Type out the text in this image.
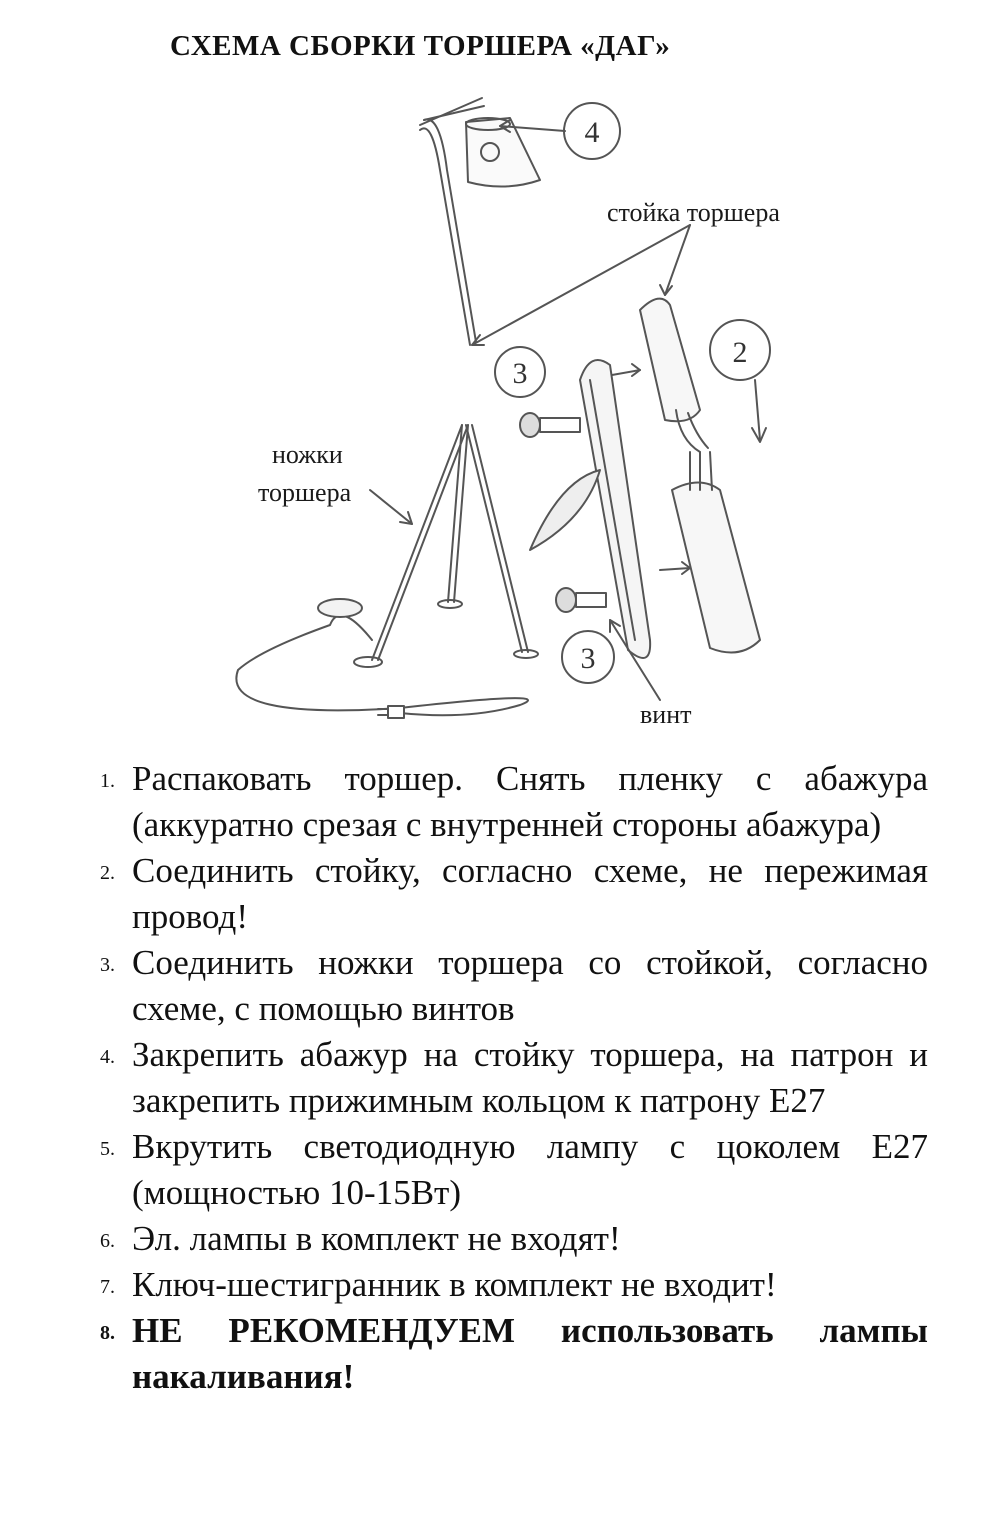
СХЕМА СБОРКИ ТОРШЕРА «ДАГ»
4
3
2
3
стойка торшера
ножки
торшера
винт
1. Распаковать торшер. Снять пленку с абажура (аккуратно срезая с внутренней стороны абажура)
2. Соединить стойку, согласно схеме, не пережимая провод!
3. Соединить ножки торшера со стойкой, согласно схеме, с помощью винтов
4. Закрепить абажур на стойку торшера, на патрон и закрепить прижимным кольцом к патрону Е27
5. Вкрутить светодиодную лампу с цоколем Е27 (мощностью 10-15Вт)
6. Эл. лампы в комплект не входят!
7. Ключ-шестигранник в комплект не входит!
8. НЕ РЕКОМЕНДУЕМ использовать лампы накаливания!
